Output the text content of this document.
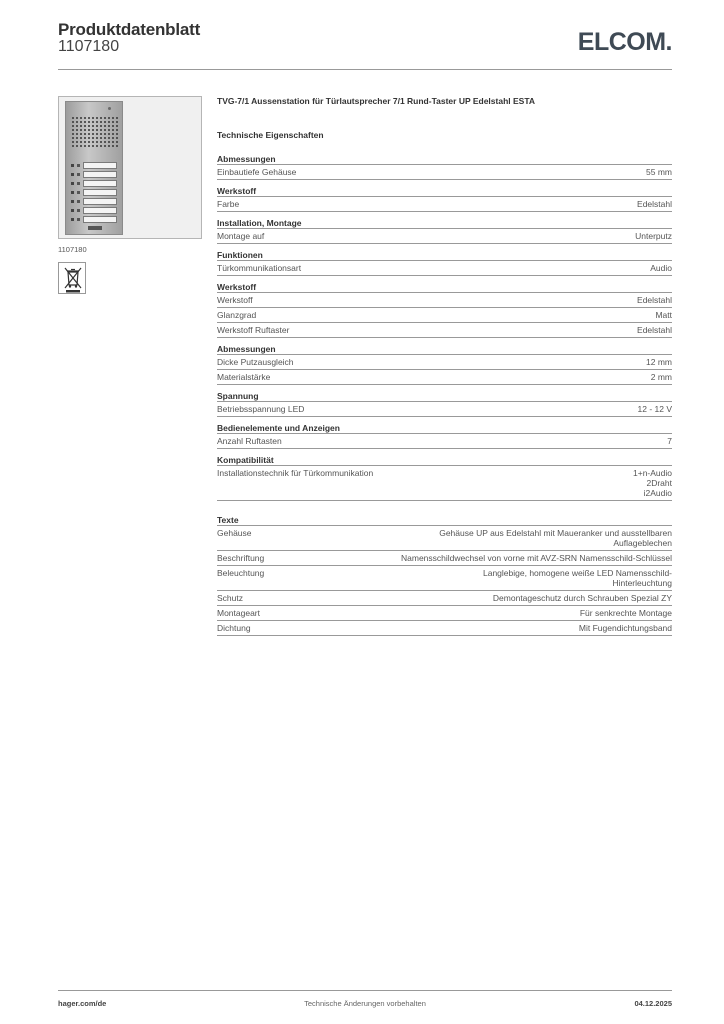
Produktdatenblatt
1107180	ELCOM.
1107180
TVG-7/1 Aussenstation für Türlautsprecher 7/1 Rund-Taster UP Edelstahl ESTA
Technische Eigenschaften
Abmessungen
Einbautiefe Gehäuse	55 mm
Werkstoff
Farbe	Edelstahl
Installation, Montage
Montage auf	Unterputz
Funktionen
Türkommunikationsart	Audio
Werkstoff
Werkstoff	Edelstahl
Glanzgrad	Matt
Werkstoff Ruftaster	Edelstahl
Abmessungen
Dicke Putzausgleich	12 mm
Materialstärke	2 mm
Spannung
Betriebsspannung LED	12 - 12 V
Bedienelemente und Anzeigen
Anzahl Ruftasten	7
Kompatibilität
Installationstechnik für Türkommunikation	1+n-Audio
2Draht
i2Audio
Texte
Gehäuse	Gehäuse UP aus Edelstahl mit Maueranker und ausstellbaren Auflageblechen
Beschriftung	Namensschildwechsel von vorne mit AVZ-SRN Namensschild-Schlüssel
Beleuchtung	Langlebige, homogene weiße LED Namensschild-Hinterleuchtung
Schutz	Demontageschutz durch Schrauben Spezial ZY
Montageart	Für senkrechte Montage
Dichtung	Mit Fugendichtungsband
hager.com/de	Technische Änderungen vorbehalten	04.12.2025
